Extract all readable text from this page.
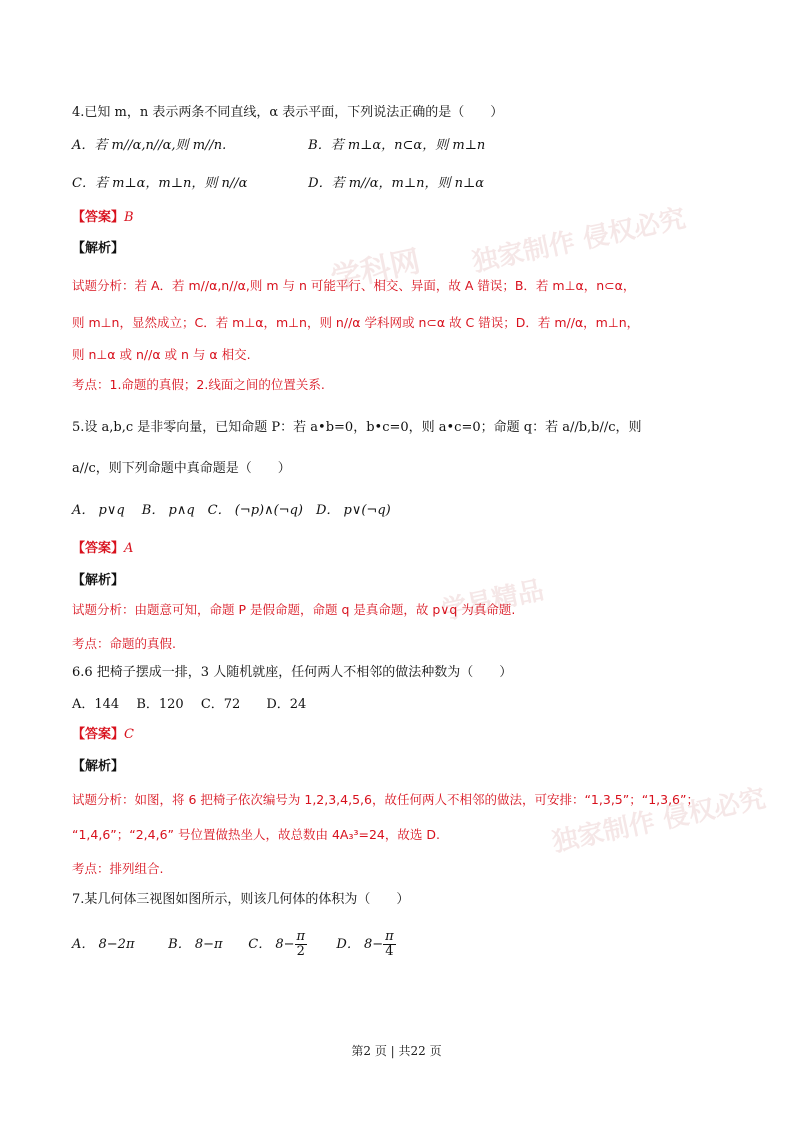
学科网 独家制作 侵权必究
学易精品
独家制作 侵权必究
4.已知 m，n 表示两条不同直线，α 表示平面，下列说法正确的是（　　）
A．若 m//α,n//α,则 m//n.	B．若 m⊥α，n⊂α，则 m⊥n
C．若 m⊥α，m⊥n，则 n//α	D．若 m//α，m⊥n，则 n⊥α
【答案】B
【解析】
试题分析：若 A．若 m//α,n//α,则 m 与 n 可能平行、相交、异面，故 A 错误；B．若 m⊥α，n⊂α，
则 m⊥n，显然成立；C．若 m⊥α，m⊥n，则 n//α 学科网或 n⊂α 故 C 错误；D．若 m//α，m⊥n，
则 n⊥α 或 n//α 或 n 与 α 相交.
考点：1.命题的真假；2.线面之间的位置关系.
5.设 a,b,c 是非零向量，已知命题 P：若 a•b=0，b•c=0，则 a•c=0；命题 q：若 a//b,b//c，则
a//c，则下列命题中真命题是（　　）
A． p∨q　 B． p∧q　C． (¬p)∧(¬q)　D． p∨(¬q)
【答案】A
【解析】
试题分析：由题意可知，命题 P 是假命题，命题 q 是真命题，故 p∨q 为真命题.
考点：命题的真假.
6.6 把椅子摆成一排，3 人随机就座，任何两人不相邻的做法种数为（　　）
A．144　 B．120　 C．72　　D．24
【答案】C
【解析】
试题分析：如图，将 6 把椅子依次编号为 1,2,3,4,5,6，故任何两人不相邻的做法，可安排：“1,3,5”；“1,3,6”；
“1,4,6”；“2,4,6” 号位置做热坐人，故总数由 4A₃³=24，故选 D.
考点：排列组合.
7.某几何体三视图如图所示，则该几何体的体积为（　　）
A． 8−2π	B． 8−π C． $8- \frac{\pi}{2}$ D． $8- \frac{\pi}{4}$
第2 页 | 共22 页
